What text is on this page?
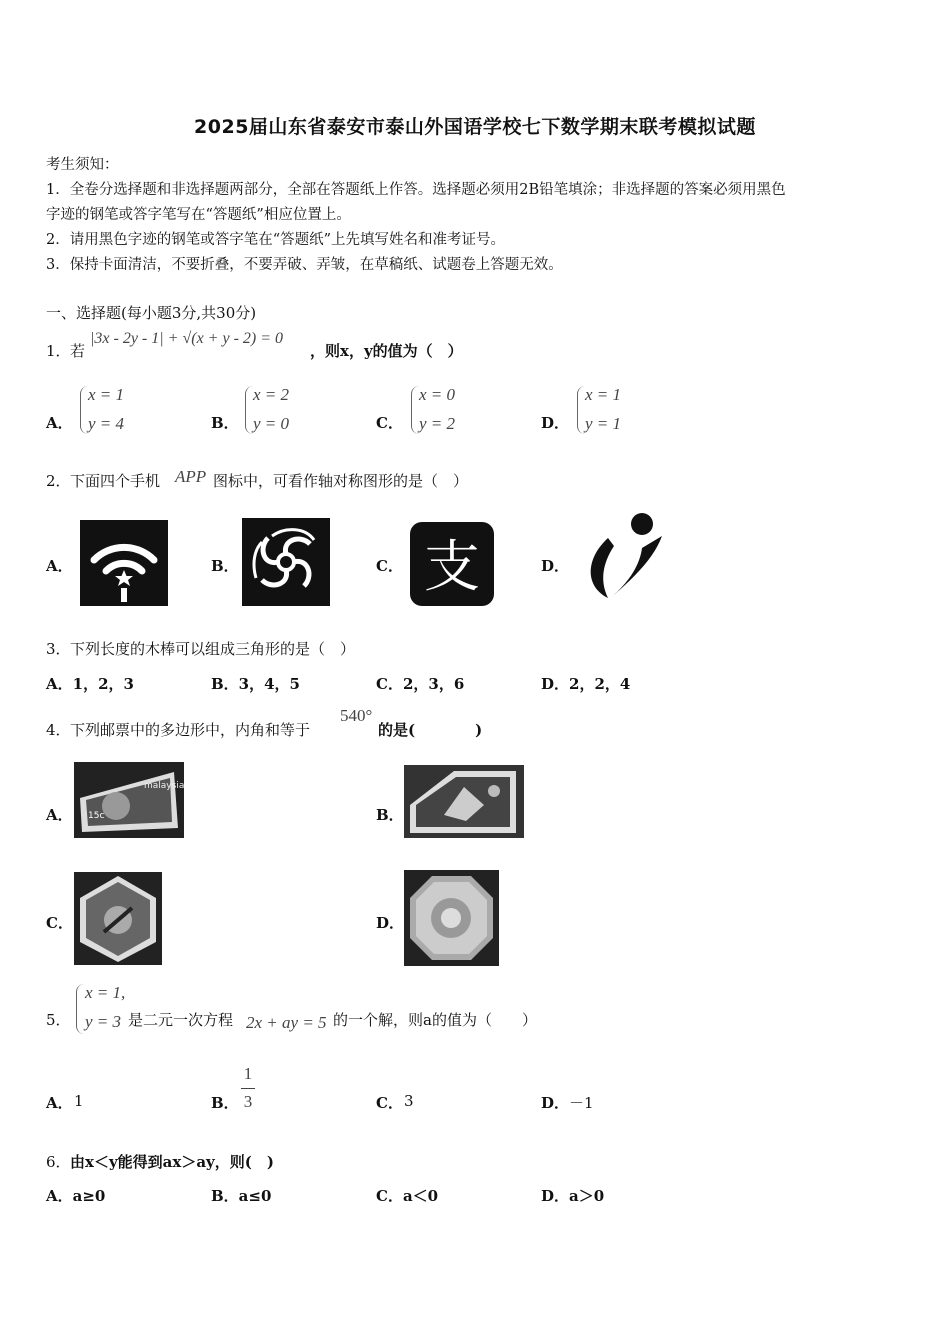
2025届山东省泰安市泰山外国语学校七下数学期末联考模拟试题
考生须知：
1．全卷分选择题和非选择题两部分，全部在答题纸上作答。选择题必须用2B铅笔填涂；非选择题的答案必须用黑色
字迹的钢笔或答字笔写在“答题纸”相应位置上。
2．请用黑色字迹的钢笔或答字笔在“答题纸”上先填写姓名和准考证号。
3．保持卡面清洁，不要折叠，不要弄破、弄皱，在草稿纸、试题卷上答题无效。
一、选择题(每小题3分,共30分)
1． 若
|3x - 2y - 1| + √(x + y - 2) = 0
，则x，y的值为（　）
A．
x = 1
y = 4	B．
x = 2
y = 0	C．
x = 0
y = 2	D．
x = 1
y = 1
2． 下面四个手机 APP 图标中，可看作轴对称图形的是（　）
A．	B．	C． 支	D．
3． 下列长度的木棒可以组成三角形的是（　）
A．1，2，3	B．3，4，5	C．2，3，6	D．2，2，4
4． 下列邮票中的多边形中，内角和等于
540°
的是(　　　　)
A．
malaysia
15c	B．
C．	D．
5．
x = 1,
y = 3 是二元一次方程 2x + ay = 5 的一个解，则a的值为（　　）
A． 1	B．
1
3	C． 3	D． －1
6． 由x＜y能得到ax＞ay，则(　)
A．a≥0	B．a≤0	C．a＜0	D．a＞0
